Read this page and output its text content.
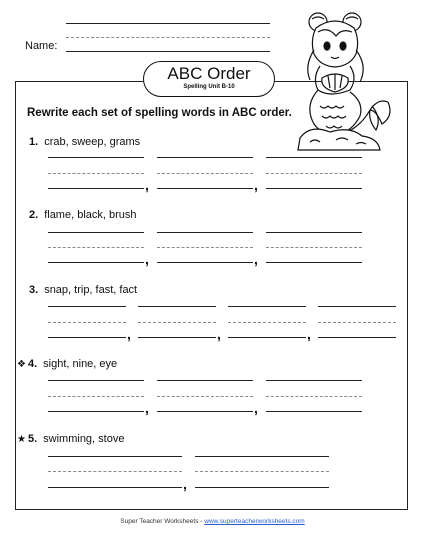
Name:
ABC Order
Spelling Unit B-10
Rewrite each set of spelling words in ABC order.
1. crab, sweep, grams
,	,
2. flame, black, brush
,	,
3. snap, trip, fast, fact
,	,	,
❖ 4. sight, nine, eye
,	,
★ 5. swimming, stove
,
Super Teacher Worksheets - www.superteacherworksheets.com
